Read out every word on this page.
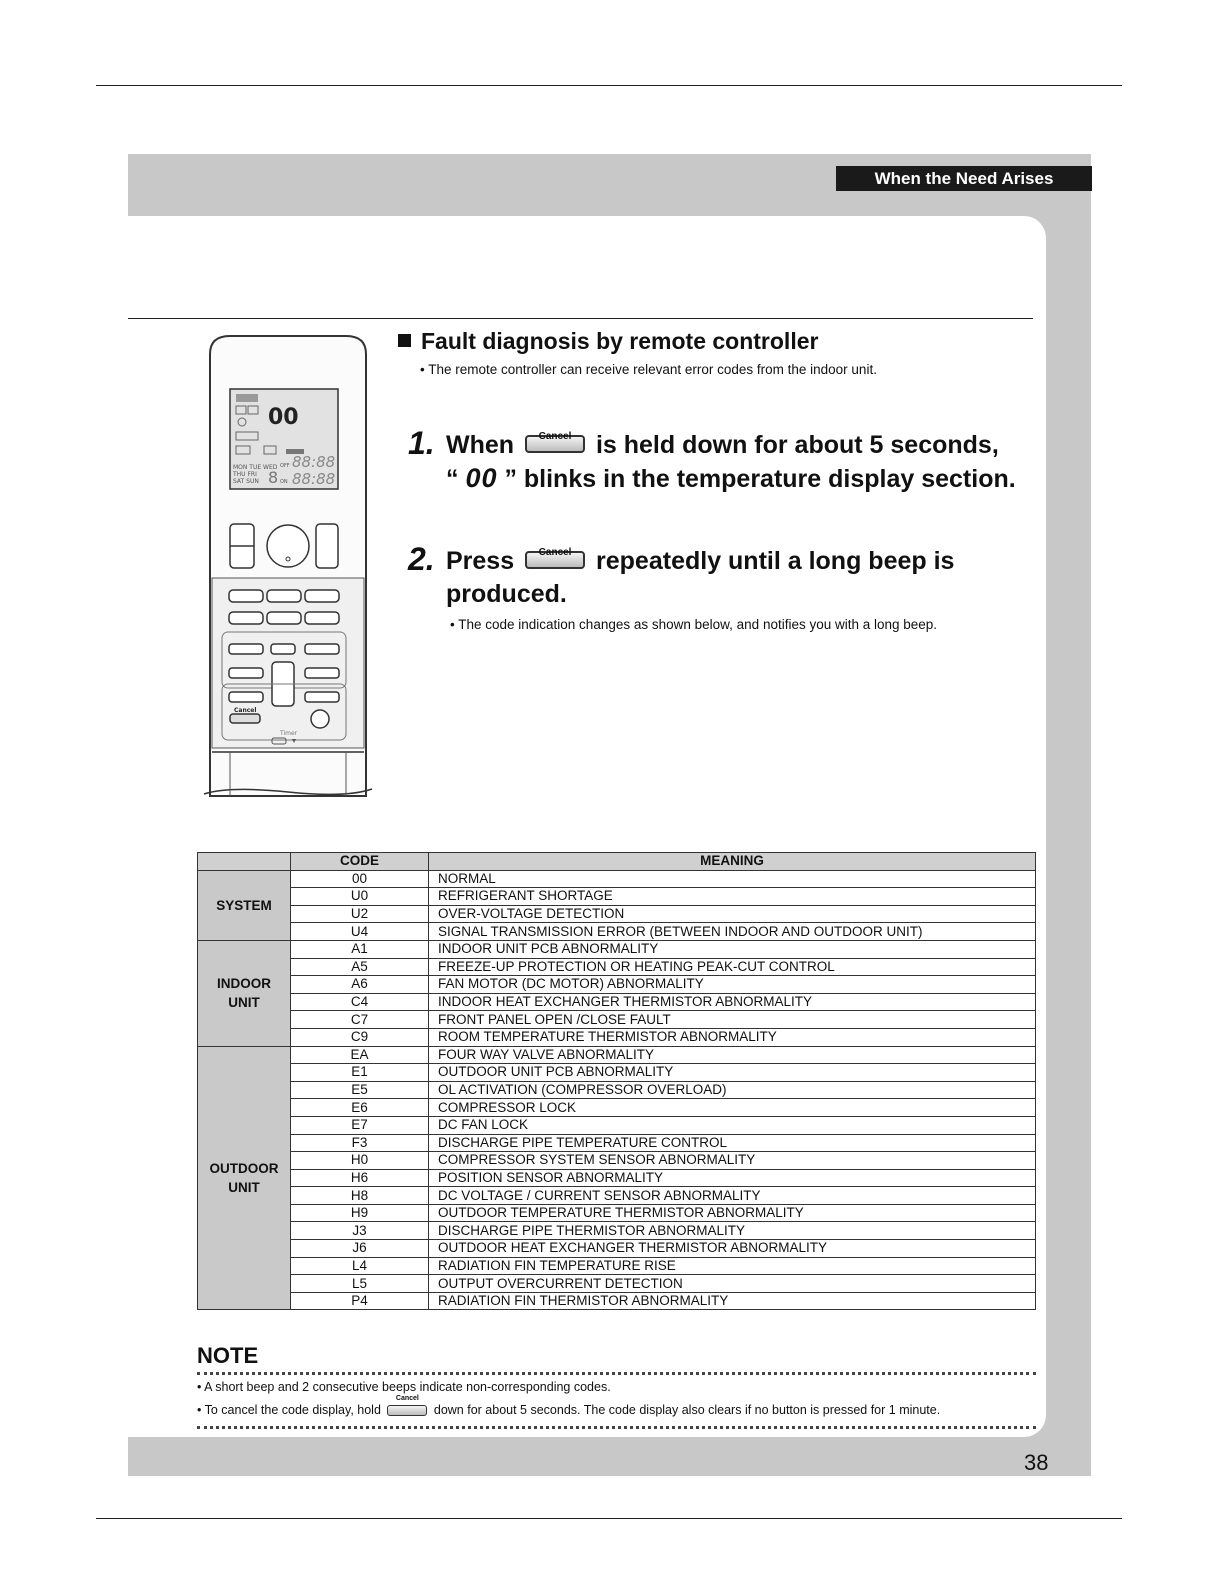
When the Need Arises
00
MON TUE WED
THU FRI
SAT SUN 8
OFF
ON
88:88
88:88
Cancel
Timer
Fault diagnosis by remote controller
• The remote controller can receive relevant error codes from the indoor unit.
1. When	Cancel is held down for about 5 seconds,
“ 00 ” blinks in the temperature display section.
2. Press	Cancel repeatedly until a long beep is
produced.
• The code indication changes as shown below, and notifies you with a long beep.
	CODE	MEANING

SYSTEM	00	NORMAL
	U0	REFRIGERANT SHORTAGE
	U2	OVER-VOLTAGE DETECTION
	U4	SIGNAL TRANSMISSION ERROR (BETWEEN INDOOR AND OUTDOOR UNIT)

INDOOR
UNIT	A1	INDOOR UNIT PCB ABNORMALITY
	A5	FREEZE-UP PROTECTION OR HEATING PEAK-CUT CONTROL
	A6	FAN MOTOR (DC MOTOR) ABNORMALITY
	C4	INDOOR HEAT EXCHANGER THERMISTOR ABNORMALITY
	C7	FRONT PANEL OPEN /CLOSE FAULT
	C9	ROOM TEMPERATURE THERMISTOR ABNORMALITY

OUTDOOR
UNIT	EA	FOUR WAY VALVE ABNORMALITY
	E1	OUTDOOR UNIT PCB ABNORMALITY
	E5	OL ACTIVATION (COMPRESSOR OVERLOAD)
	E6	COMPRESSOR LOCK
	E7	DC FAN LOCK
	F3	DISCHARGE PIPE TEMPERATURE CONTROL
	H0	COMPRESSOR SYSTEM SENSOR ABNORMALITY
	H6	POSITION SENSOR ABNORMALITY
	H8	DC VOLTAGE / CURRENT SENSOR ABNORMALITY
	H9	OUTDOOR TEMPERATURE THERMISTOR ABNORMALITY
	J3	DISCHARGE PIPE THERMISTOR ABNORMALITY
	J6	OUTDOOR HEAT EXCHANGER THERMISTOR ABNORMALITY
	L4	RADIATION FIN TEMPERATURE RISE
	L5	OUTPUT OVERCURRENT DETECTION
	P4	RADIATION FIN THERMISTOR ABNORMALITY
NOTE
• A short beep and 2 consecutive beeps indicate non-corresponding codes.
• To cancel the code display, hold
Cancel
down for about 5 seconds. The code display also clears if no button is pressed for 1 minute.
38
